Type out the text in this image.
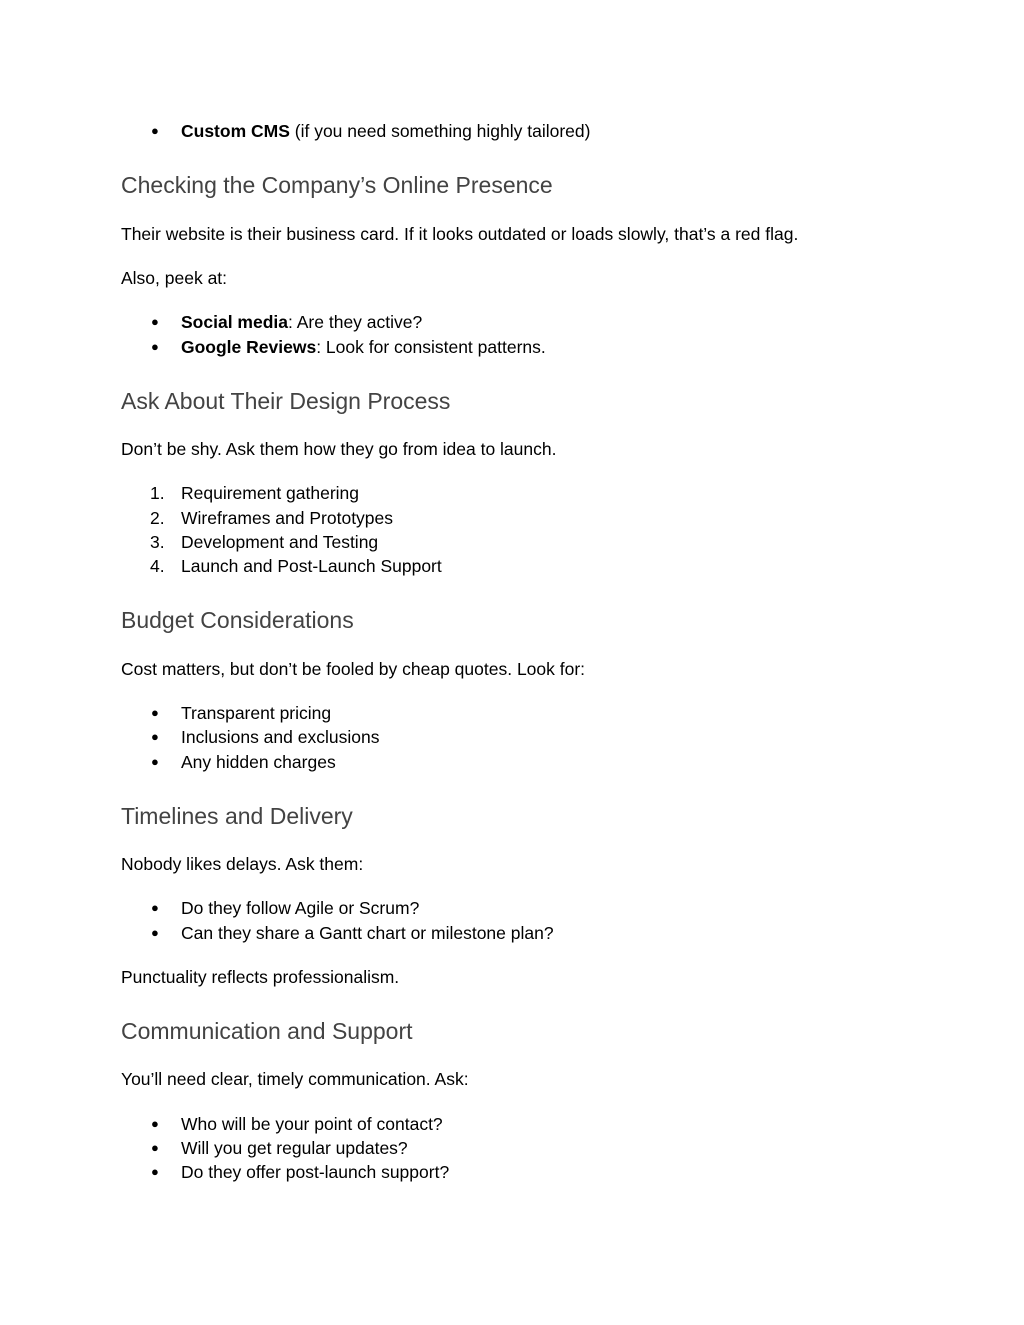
●	Custom CMS (if you need something highly tailored)
Checking the Company’s Online Presence

Their website is their business card. If it looks outdated or loads slowly, that’s a red flag.

Also, peek at:

●	Social media: Are they active?
●	Google Reviews: Look for consistent patterns.
Ask About Their Design Process

Don’t be shy. Ask them how they go from idea to launch.

1. Requirement gathering
2. Wireframes and Prototypes
3. Development and Testing
4. Launch and Post-Launch Support
Budget Considerations

Cost matters, but don’t be fooled by cheap quotes. Look for:

●	Transparent pricing
●	Inclusions and exclusions
●	Any hidden charges
Timelines and Delivery

Nobody likes delays. Ask them:

●	Do they follow Agile or Scrum?
●	Can they share a Gantt chart or milestone plan?

Punctuality reflects professionalism.

Communication and Support

You’ll need clear, timely communication. Ask:

●	Who will be your point of contact?
●	Will you get regular updates?
●	Do they offer post-launch support?
